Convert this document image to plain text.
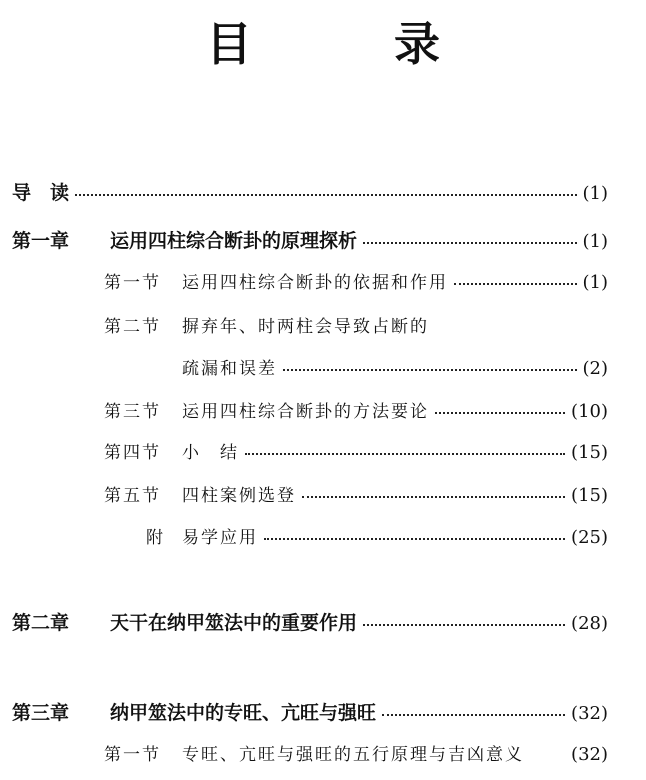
目　录
导　读	(1)
第一章 运用四柱综合断卦的原理探析	(1)
第一节 运用四柱综合断卦的依据和作用	(1)
第二节 摒弃年、时两柱会导致占断的
疏漏和误差	(2)
第三节 运用四柱综合断卦的方法要论	(10)
第四节 小　结	(15)
第五节 四柱案例选登	(15)
附 易学应用	(25)
第二章 天干在纳甲筮法中的重要作用	(28)
第三章 纳甲筮法中的专旺、亢旺与强旺	(32)
第一节 专旺、亢旺与强旺的五行原理与吉凶意义	(32)
